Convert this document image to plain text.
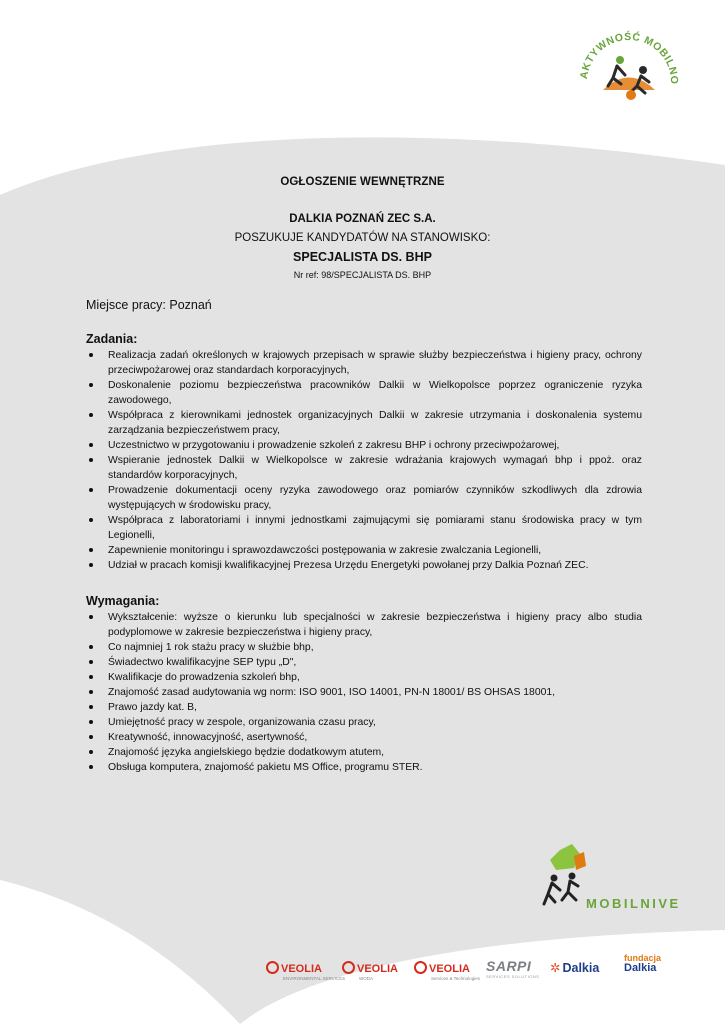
AKTYWNOŚĆ MOBILNO
OGŁOSZENIE WEWNĘTRZNE
DALKIA POZNAŃ ZEC S.A.
POSZUKUJE KANDYDATÓW NA STANOWISKO:
SPECJALISTA DS. BHP
Nr ref: 98/SPECJALISTA DS. BHP
Miejsce pracy: Poznań
Zadania:
Realizacja zadań określonych w krajowych przepisach w sprawie służby bezpieczeństwa i higieny pracy, ochrony przeciwpożarowej oraz standardach korporacyjnych,
Doskonalenie poziomu bezpieczeństwa pracowników Dalkii w Wielkopolsce poprzez ograniczenie ryzyka zawodowego,
Współpraca z kierownikami jednostek organizacyjnych Dalkii w zakresie utrzymania i doskonalenia systemu zarządzania bezpieczeństwem pracy,
Uczestnictwo w przygotowaniu i prowadzenie szkoleń z zakresu BHP i ochrony przeciwpożarowej,
Wspieranie jednostek Dalkii w Wielkopolsce w zakresie wdrażania krajowych wymagań bhp i ppoż. oraz standardów korporacyjnych,
Prowadzenie dokumentacji oceny ryzyka zawodowego oraz pomiarów czynników szkodliwych dla zdrowia występujących w środowisku pracy,
Współpraca z laboratoriami i innymi jednostkami zajmującymi się pomiarami stanu środowiska pracy w tym Legionelli,
Zapewnienie monitoringu i sprawozdawczości postępowania w zakresie zwalczania Legionelli,
Udział w pracach komisji kwalifikacyjnej Prezesa Urzędu Energetyki powołanej przy Dalkia Poznań ZEC.
Wymagania:
Wykształcenie: wyższe o kierunku lub specjalności w zakresie bezpieczeństwa i higieny pracy albo studia podyplomowe w zakresie bezpieczeństwa i higieny pracy,
Co najmniej 1 rok stażu pracy w służbie bhp,
Świadectwo kwalifikacyjne SEP typu „D",
Kwalifikacje do prowadzenia szkoleń bhp,
Znajomość zasad audytowania wg norm: ISO 9001, ISO 14001, PN-N 18001/ BS OHSAS 18001,
Prawo jazdy kat. B,
Umiejętność pracy w zespole, organizowania czasu pracy,
Kreatywność, innowacyjność, asertywność,
Znajomość języka angielskiego będzie dodatkowym atutem,
Obsługa komputera, znajomość pakietu MS Office, programu STER.
MOBILNIVE
VEOLIA
ENVIRONMENTAL SERVICES
VEOLIA
WODA
VEOLIA
Services & Technologies
SARPI
SERVICES SOLUTIONS
✲ Dalkia
fundacja
Dalkia
